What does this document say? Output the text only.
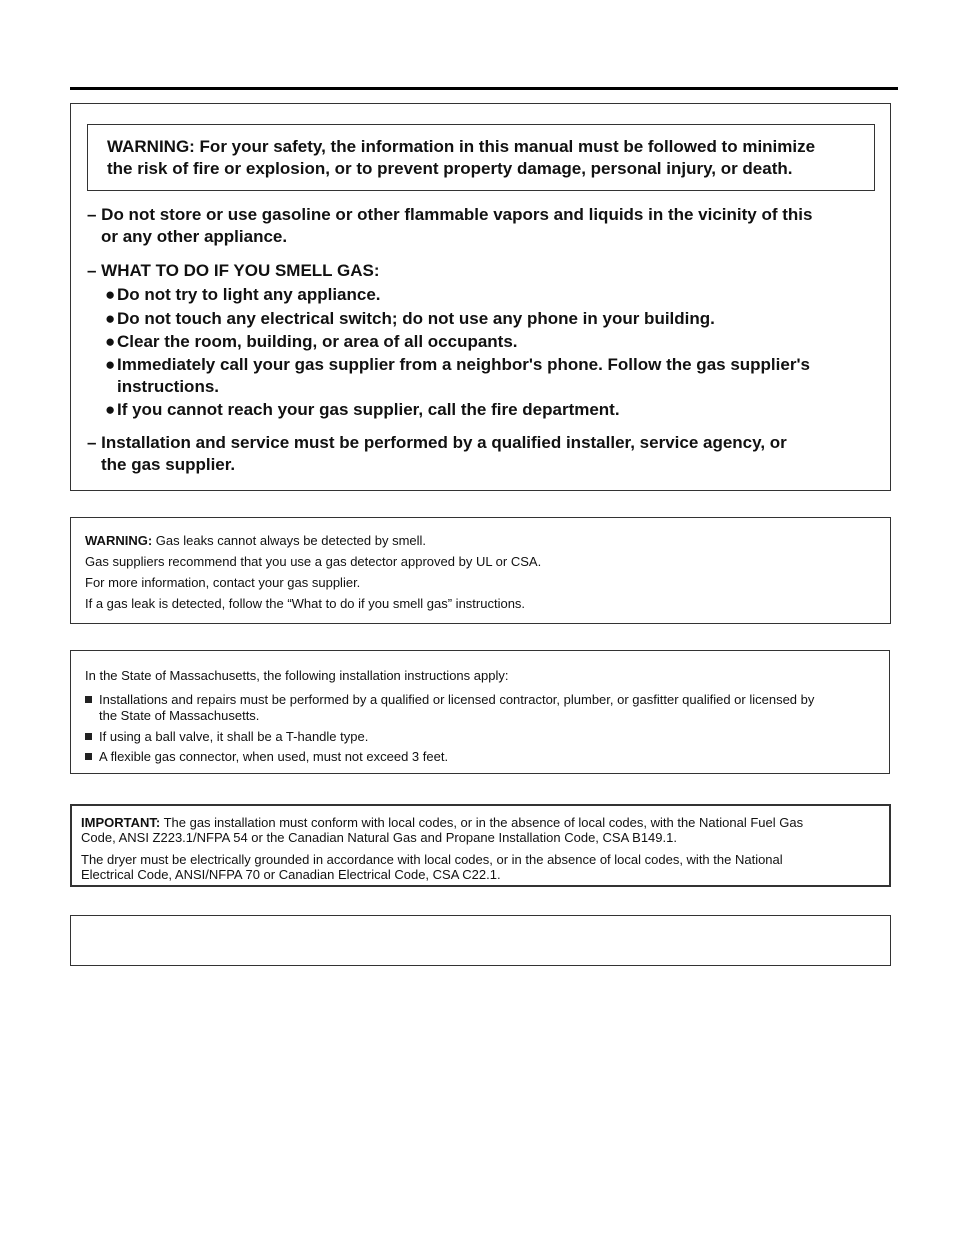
WARNING: For your safety, the information in this manual must be followed to minimize
the risk of fire or explosion, or to prevent property damage, personal injury, or death.
– Do not store or use gasoline or other flammable vapors and liquids in the vicinity of this
or any other appliance.
– WHAT TO DO IF YOU SMELL GAS:
● Do not try to light any appliance.
● Do not touch any electrical switch; do not use any phone in your building.
● Clear the room, building, or area of all occupants.
● Immediately call your gas supplier from a neighbor's phone. Follow the gas supplier's
instructions.
● If you cannot reach your gas supplier, call the fire department.
– Installation and service must be performed by a qualified installer, service agency, or
the gas supplier.
WARNING: Gas leaks cannot always be detected by smell.
Gas suppliers recommend that you use a gas detector approved by UL or CSA.
For more information, contact your gas supplier.
If a gas leak is detected, follow the “What to do if you smell gas” instructions.
In the State of Massachusetts, the following installation instructions apply:
Installations and repairs must be performed by a qualified or licensed contractor, plumber, or gasfitter qualified or licensed by
the State of Massachusetts.
If using a ball valve, it shall be a T-handle type.
A flexible gas connector, when used, must not exceed 3 feet.
IMPORTANT: The gas installation must conform with local codes, or in the absence of local codes, with the National Fuel Gas
Code, ANSI Z223.1/NFPA 54 or the Canadian Natural Gas and Propane Installation Code, CSA B149.1.
The dryer must be electrically grounded in accordance with local codes, or in the absence of local codes, with the National
Electrical Code, ANSI/NFPA 70 or Canadian Electrical Code, CSA C22.1.
